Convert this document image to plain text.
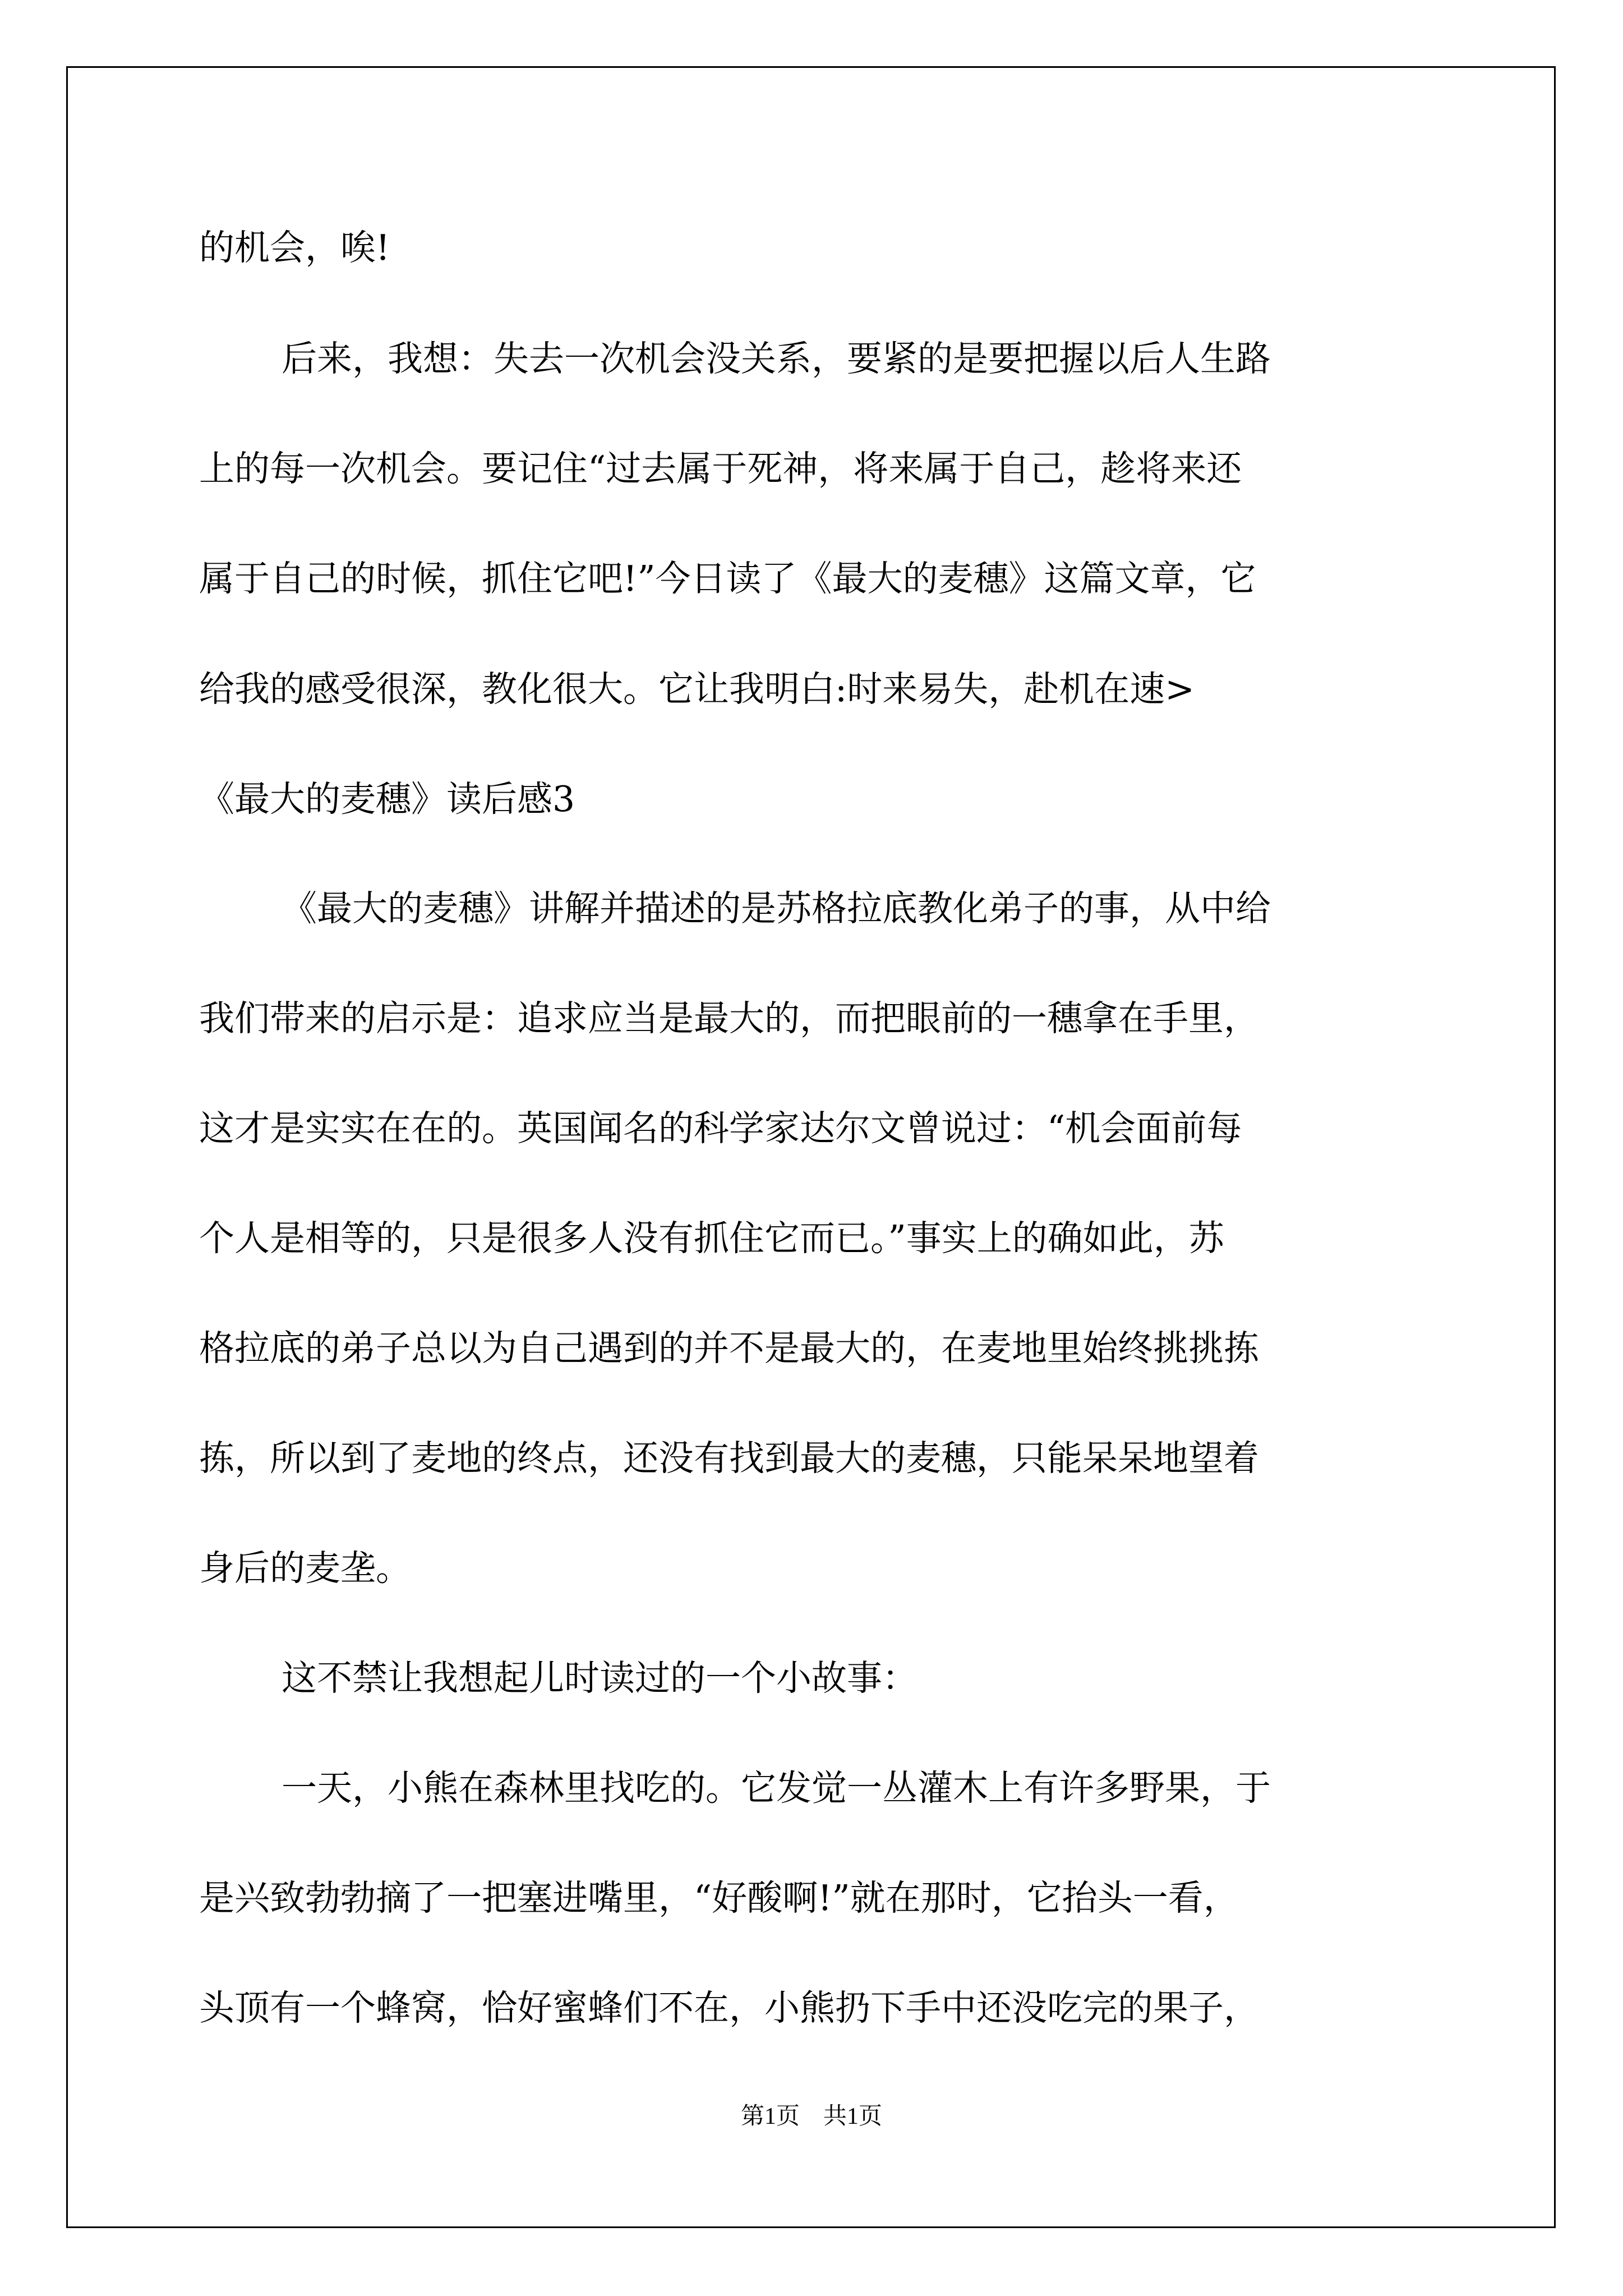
的机会，唉!

后来，我想：失去一次机会没关系，要紧的是要把握以后人生路

上的每一次机会。要记住“过去属于死神，将来属于自己，趁将来还

属于自己的时候，抓住它吧!”今日读了《最大的麦穗》这篇文章，它

给我的感受很深，教化很大。它让我明白:时来易失，赴机在速>

《最大的麦穗》读后感3

《最大的麦穗》讲解并描述的是苏格拉底教化弟子的事，从中给

我们带来的启示是：追求应当是最大的，而把眼前的一穗拿在手里，

这才是实实在在的。英国闻名的科学家达尔文曾说过：“机会面前每

个人是相等的，只是很多人没有抓住它而已。”事实上的确如此，苏

格拉底的弟子总以为自己遇到的并不是最大的，在麦地里始终挑挑拣

拣，所以到了麦地的终点，还没有找到最大的麦穗，只能呆呆地望着

身后的麦垄。

这不禁让我想起儿时读过的一个小故事：

一天，小熊在森林里找吃的。它发觉一丛灌木上有许多野果，于

是兴致勃勃摘了一把塞进嘴里，“好酸啊!”就在那时，它抬头一看，

头顶有一个蜂窝，恰好蜜蜂们不在，小熊扔下手中还没吃完的果子，

第1页　共1页
